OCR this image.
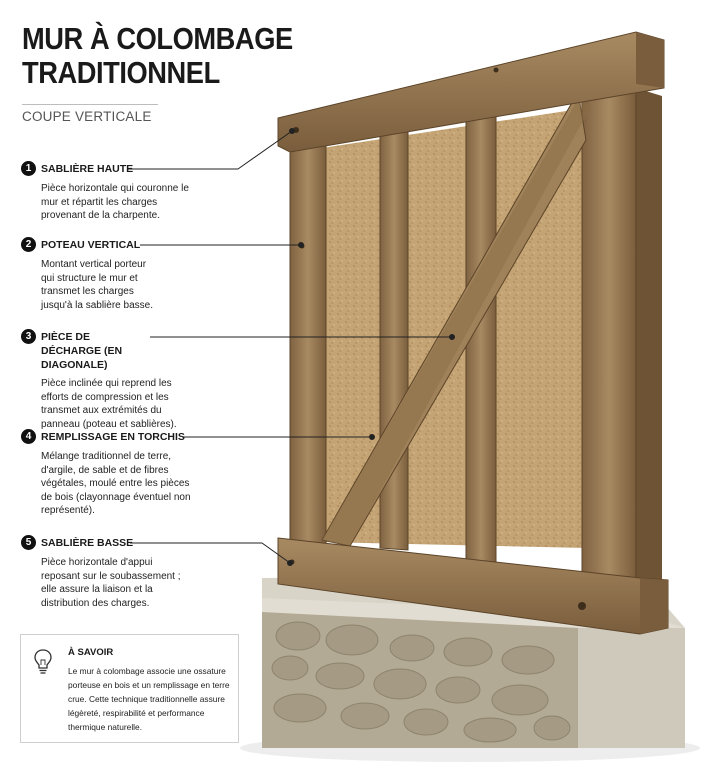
MUR À COLOMBAGE
TRADITIONNEL
COUPE VERTICALE
1 SABLIÈRE HAUTE
Pièce horizontale qui couronne le mur et répartit les charges provenant de la charpente.
2 POTEAU VERTICAL
Montant vertical porteur qui structure le mur et transmet les charges jusqu'à la sablière basse.
3 PIÈCE DE DÉCHARGE (EN DIAGONALE)
Pièce inclinée qui reprend les efforts de compression et les transmet aux extrémités du panneau (poteau et sablières).
4 REMPLISSAGE EN TORCHIS
Mélange traditionnel de terre, d'argile, de sable et de fibres végétales, moulé entre les pièces de bois (clayonnage éventuel non représenté).
5 SABLIÈRE BASSE
Pièce horizontale d'appui reposant sur le soubassement ; elle assure la liaison et la distribution des charges.
À SAVOIR
Le mur à colombage associe une ossature porteuse en bois et un remplissage en terre crue. Cette technique traditionnelle assure légèreté, respirabilité et performance thermique naturelle.
